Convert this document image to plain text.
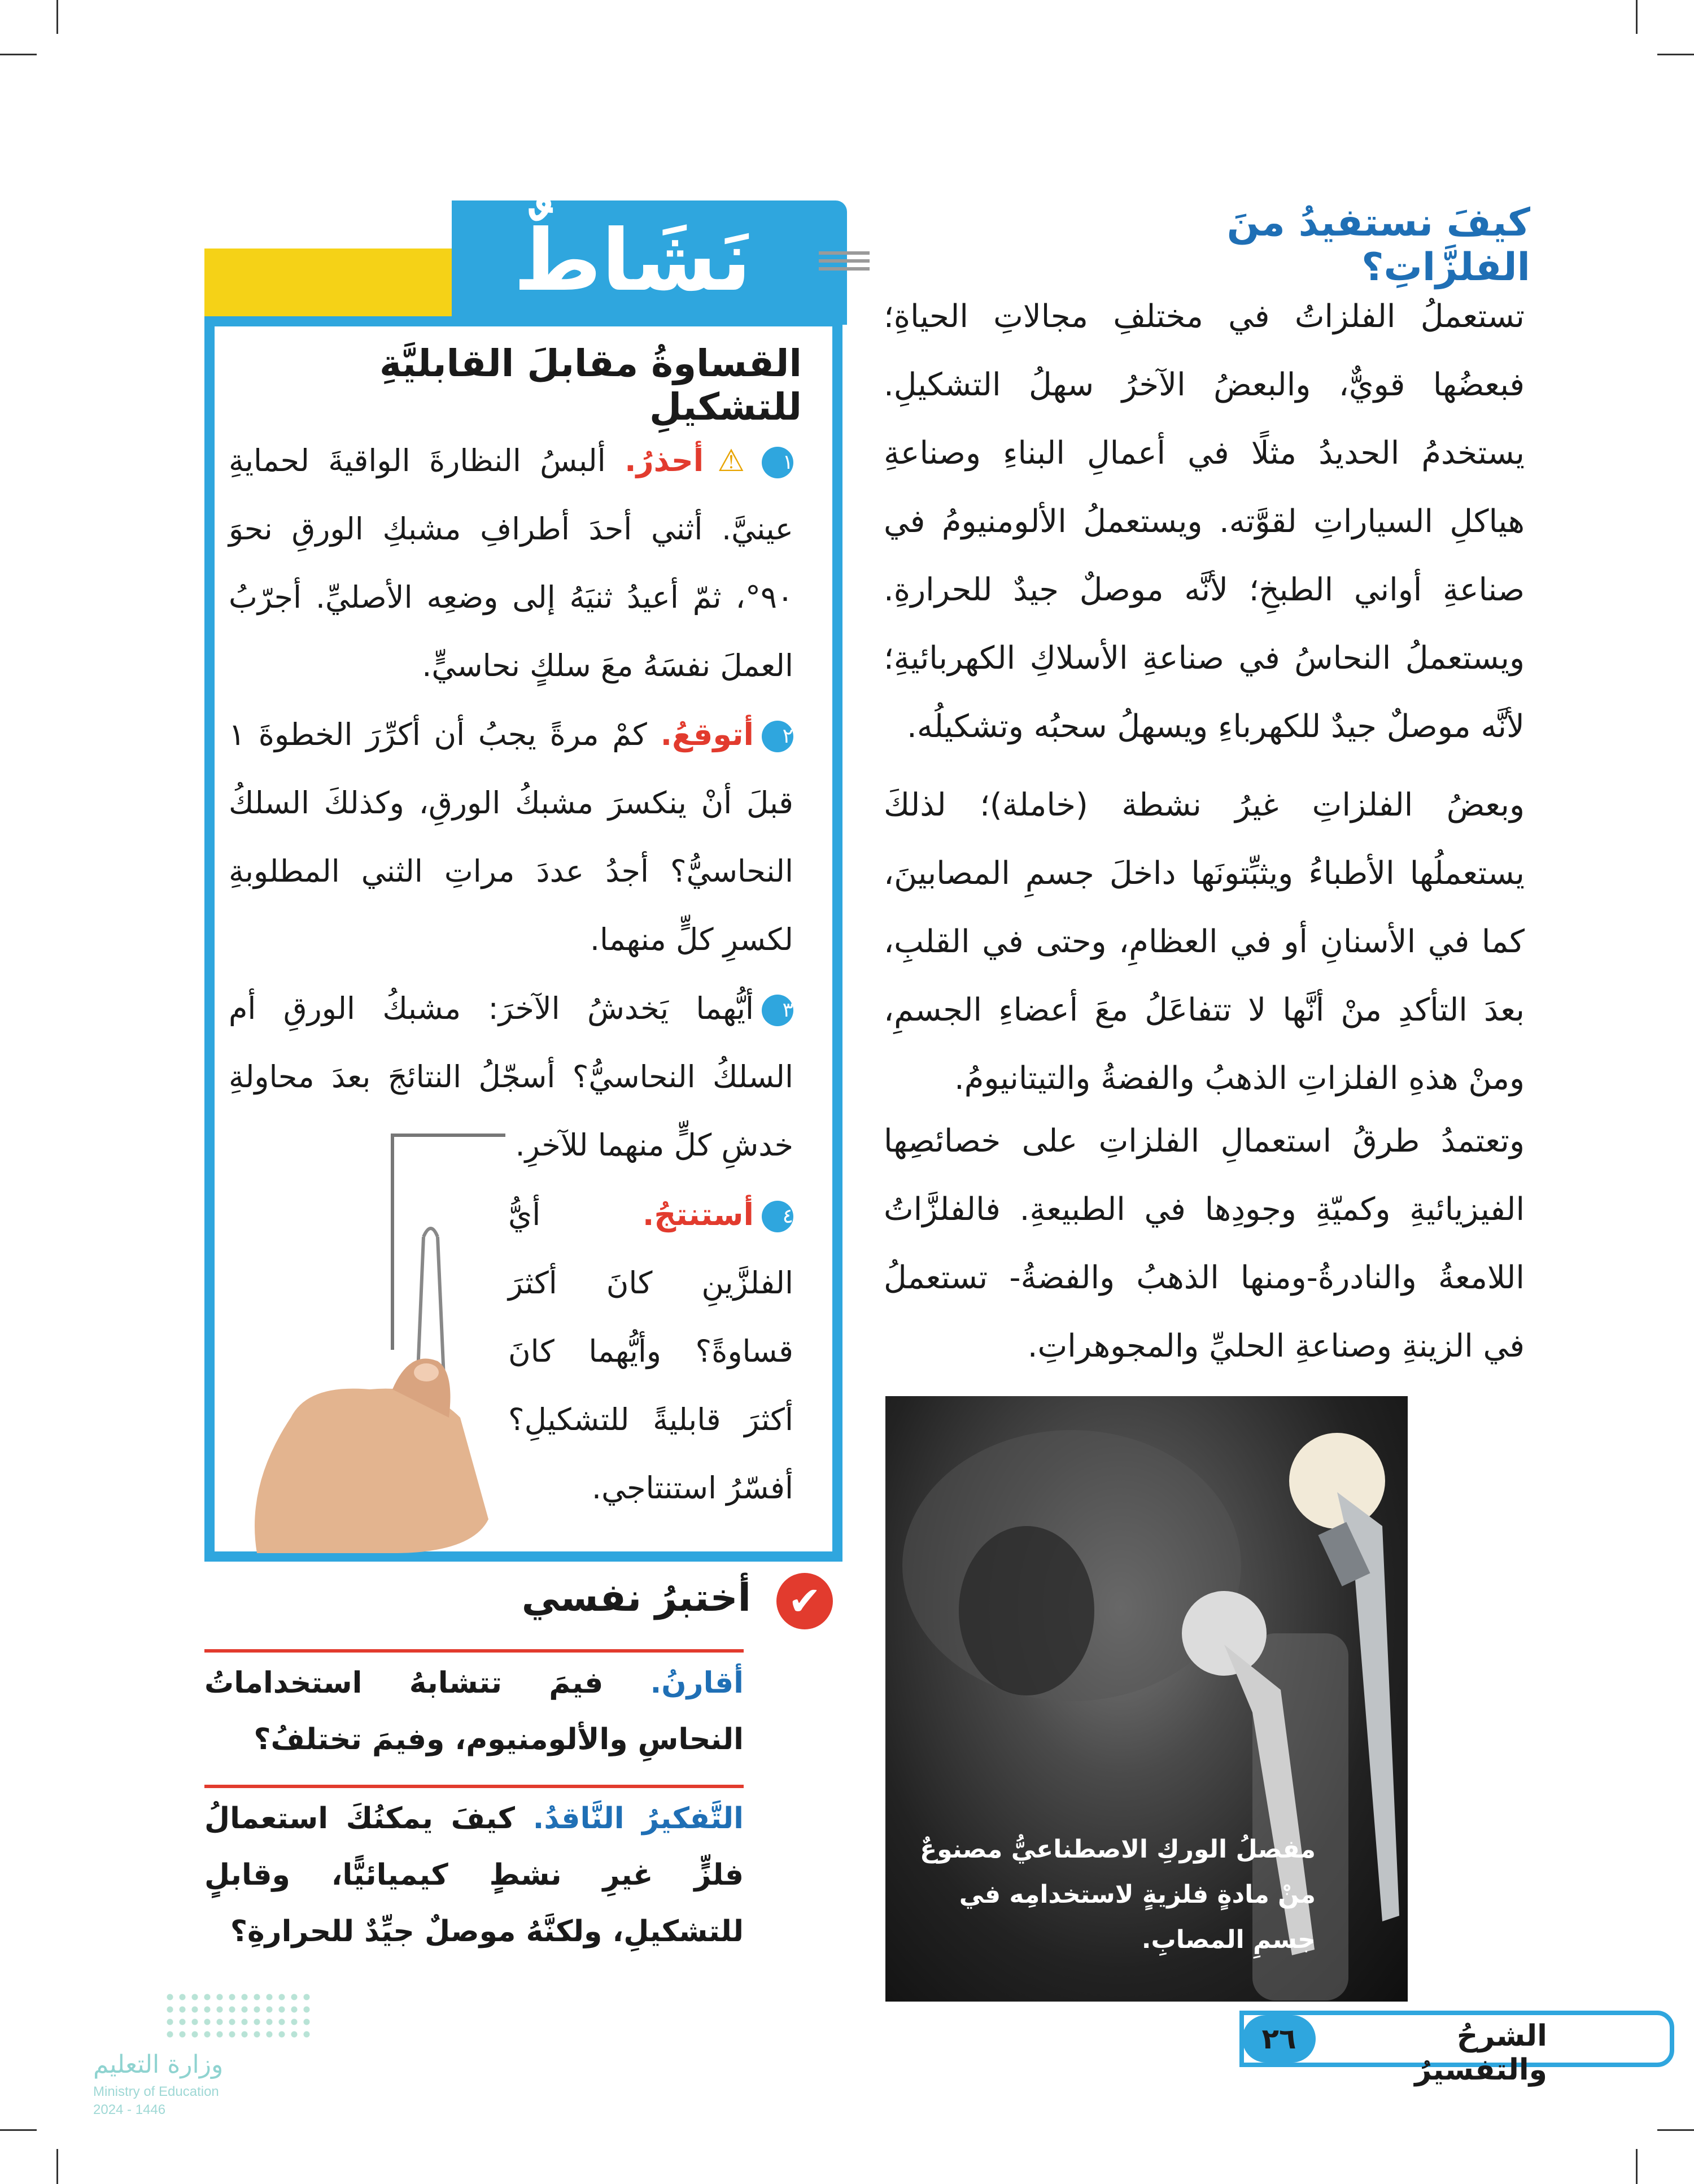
كيفَ نستفيدُ منَ الفلزَّاتِ؟

تستعملُ الفلزاتُ في مختلفِ مجالاتِ الحياةِ؛ فبعضُها قويٌّ، والبعضُ الآخرُ سهلُ التشكيلِ. يستخدمُ الحديدُ مثلًا في أعمالِ البناءِ وصناعةِ هياكلِ السياراتِ لقوَّته. ويستعملُ الألومنيومُ في صناعةِ أواني الطبخِ؛ لأنَّه موصلٌ جيدٌ للحرارةِ. ويستعملُ النحاسُ في صناعةِ الأسلاكِ الكهربائيةِ؛ لأنَّه موصلٌ جيدٌ للكهرباءِ ويسهلُ سحبُه وتشكيلُه.

وبعضُ الفلزاتِ غيرُ نشطة (خاملة)؛ لذلكَ يستعملُها الأطباءُ ويثبِّتونَها داخلَ جسمِ المصابينَ، كما في الأسنانِ أو في العظامِ، وحتى في القلبِ، بعدَ التأكدِ منْ أنَّها لا تتفاعَلُ معَ أعضاءِ الجسمِ، ومنْ هذهِ الفلزاتِ الذهبُ والفضةُ والتيتانيومُ.

وتعتمدُ طرقُ استعمالِ الفلزاتِ على خصائصِها الفيزيائيةِ وكميّةِ وجودِها في الطبيعةِ. فالفلزَّاتُ اللامعةُ والنادرةُ-ومنها الذهبُ والفضةُ- تستعملُ في الزينةِ وصناعةِ الحليِّ والمجوهراتِ.

مفصلُ الوركِ الاصطناعيُّ مصنوعٌ منْ مادةٍ فلزيةٍ لاستخدامِه في جسمِ المصابِ.
نَشَاطٌ
القساوةُ مقابلَ القابليَّةِ للتشكيلِ

١⚠أحذرُ. ألبسُ النظارةَ الواقيةَ لحمايةِ عينيَّ. أثني أحدَ أطرافِ مشبكِ الورقِ نحوَ ٩٠°، ثمّ أعيدُ ثنيَهُ إلى وضعِه الأصليِّ. أجرّبُ العملَ نفسَهُ معَ سلكٍ نحاسيٍّ.

٢أتوقعُ. كمْ مرةً يجبُ أن أكرِّرَ الخطوةَ ١ قبلَ أنْ ينكسرَ مشبكُ الورقِ، وكذلكَ السلكُ النحاسيُّ؟ أجدُ عددَ مراتِ الثني المطلوبةِ لكسرِ كلٍّ منهما.

٣أيُّهما يَخدشُ الآخرَ: مشبكُ الورقِ أم السلكُ النحاسيُّ؟ أسجّلُ النتائجَ بعدَ محاولةِ خدشِ كلٍّ منهما للآخرِ.

٤أستنتجُ. أيُّ الفلزَّينِ كانَ أكثرَ قساوةً؟ وأيُّهما كانَ أكثرَ قابليةً للتشكيلِ؟ أفسّرُ استنتاجي.

✔
أختبرُ نفسي

أقارنُ. فيمَ تتشابهُ استخداماتُ النحاسِ والألومنيوم، وفيمَ تختلفُ؟

التَّفكيرُ النَّاقدُ. كيفَ يمكنُكَ استعمالُ فلزٍّ غيرِ نشطٍ كيميائيًّا، وقابلٍ للتشكيلِ، ولكنَّهُ موصلٌ جيِّدٌ للحرارةِ؟

الشرحُ والتفسيرُ
٢٦
وزارة التعليم
Ministry of Education
2024 - 1446
